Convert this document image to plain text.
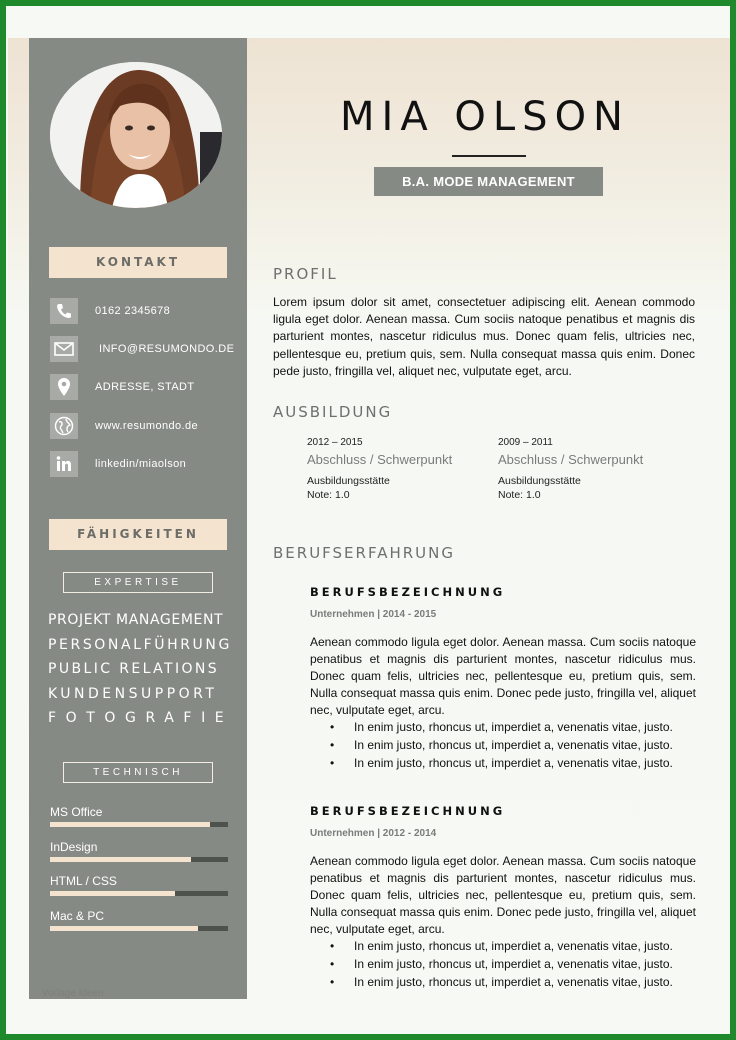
KONTAKT
0162 2345678
INFO@RESUMONDO.DE
ADRESSE, STADT
www.resumondo.de
linkedin/miaolson
FÄHIGKEITEN
EXPERTISE
PROJEKT MANAGEMENT
PERSONALFÜHRUNG
PUBLIC RELATIONS
KUNDENSUPPORT
FOTOGRAFIE
TECHNISCH
MS Office
InDesign
HTML / CSS
Mac & PC
Vorlage Ideen
MIA OLSON
B.A. MODE MANAGEMENT
PROFIL
Lorem ipsum dolor sit amet, consectetuer adipiscing elit. Aenean commodo ligula eget dolor. Aenean massa. Cum sociis natoque penatibus et magnis dis parturient montes, nascetur ridiculus mus. Donec quam felis, ultricies nec, pellentesque eu, pretium quis, sem. Nulla consequat massa quis enim. Donec pede justo, fringilla vel, aliquet nec, vulputate eget, arcu.
AUSBILDUNG
2012 – 2015
Abschluss / Schwerpunkt
Ausbildungsstätte
Note: 1.0
2009 – 2011
Abschluss / Schwerpunkt
Ausbildungsstätte
Note: 1.0
BERUFSERFAHRUNG
BERUFSBEZEICHNUNG
Unternehmen | 2014 - 2015
Aenean commodo ligula eget dolor. Aenean massa. Cum sociis natoque penatibus et magnis dis parturient montes, nascetur ridiculus mus. Donec quam felis, ultricies nec, pellentesque eu, pretium quis, sem. Nulla consequat massa quis enim. Donec pede justo, fringilla vel, aliquet nec, vulputate eget, arcu.
• In enim justo, rhoncus ut, imperdiet a, venenatis vitae, justo.
• In enim justo, rhoncus ut, imperdiet a, venenatis vitae, justo.
• In enim justo, rhoncus ut, imperdiet a, venenatis vitae, justo.
BERUFSBEZEICHNUNG
Unternehmen | 2012 - 2014
Aenean commodo ligula eget dolor. Aenean massa. Cum sociis natoque penatibus et magnis dis parturient montes, nascetur ridiculus mus. Donec quam felis, ultricies nec, pellentesque eu, pretium quis, sem. Nulla consequat massa quis enim. Donec pede justo, fringilla vel, aliquet nec, vulputate eget, arcu.
• In enim justo, rhoncus ut, imperdiet a, venenatis vitae, justo.
• In enim justo, rhoncus ut, imperdiet a, venenatis vitae, justo.
• In enim justo, rhoncus ut, imperdiet a, venenatis vitae, justo.
